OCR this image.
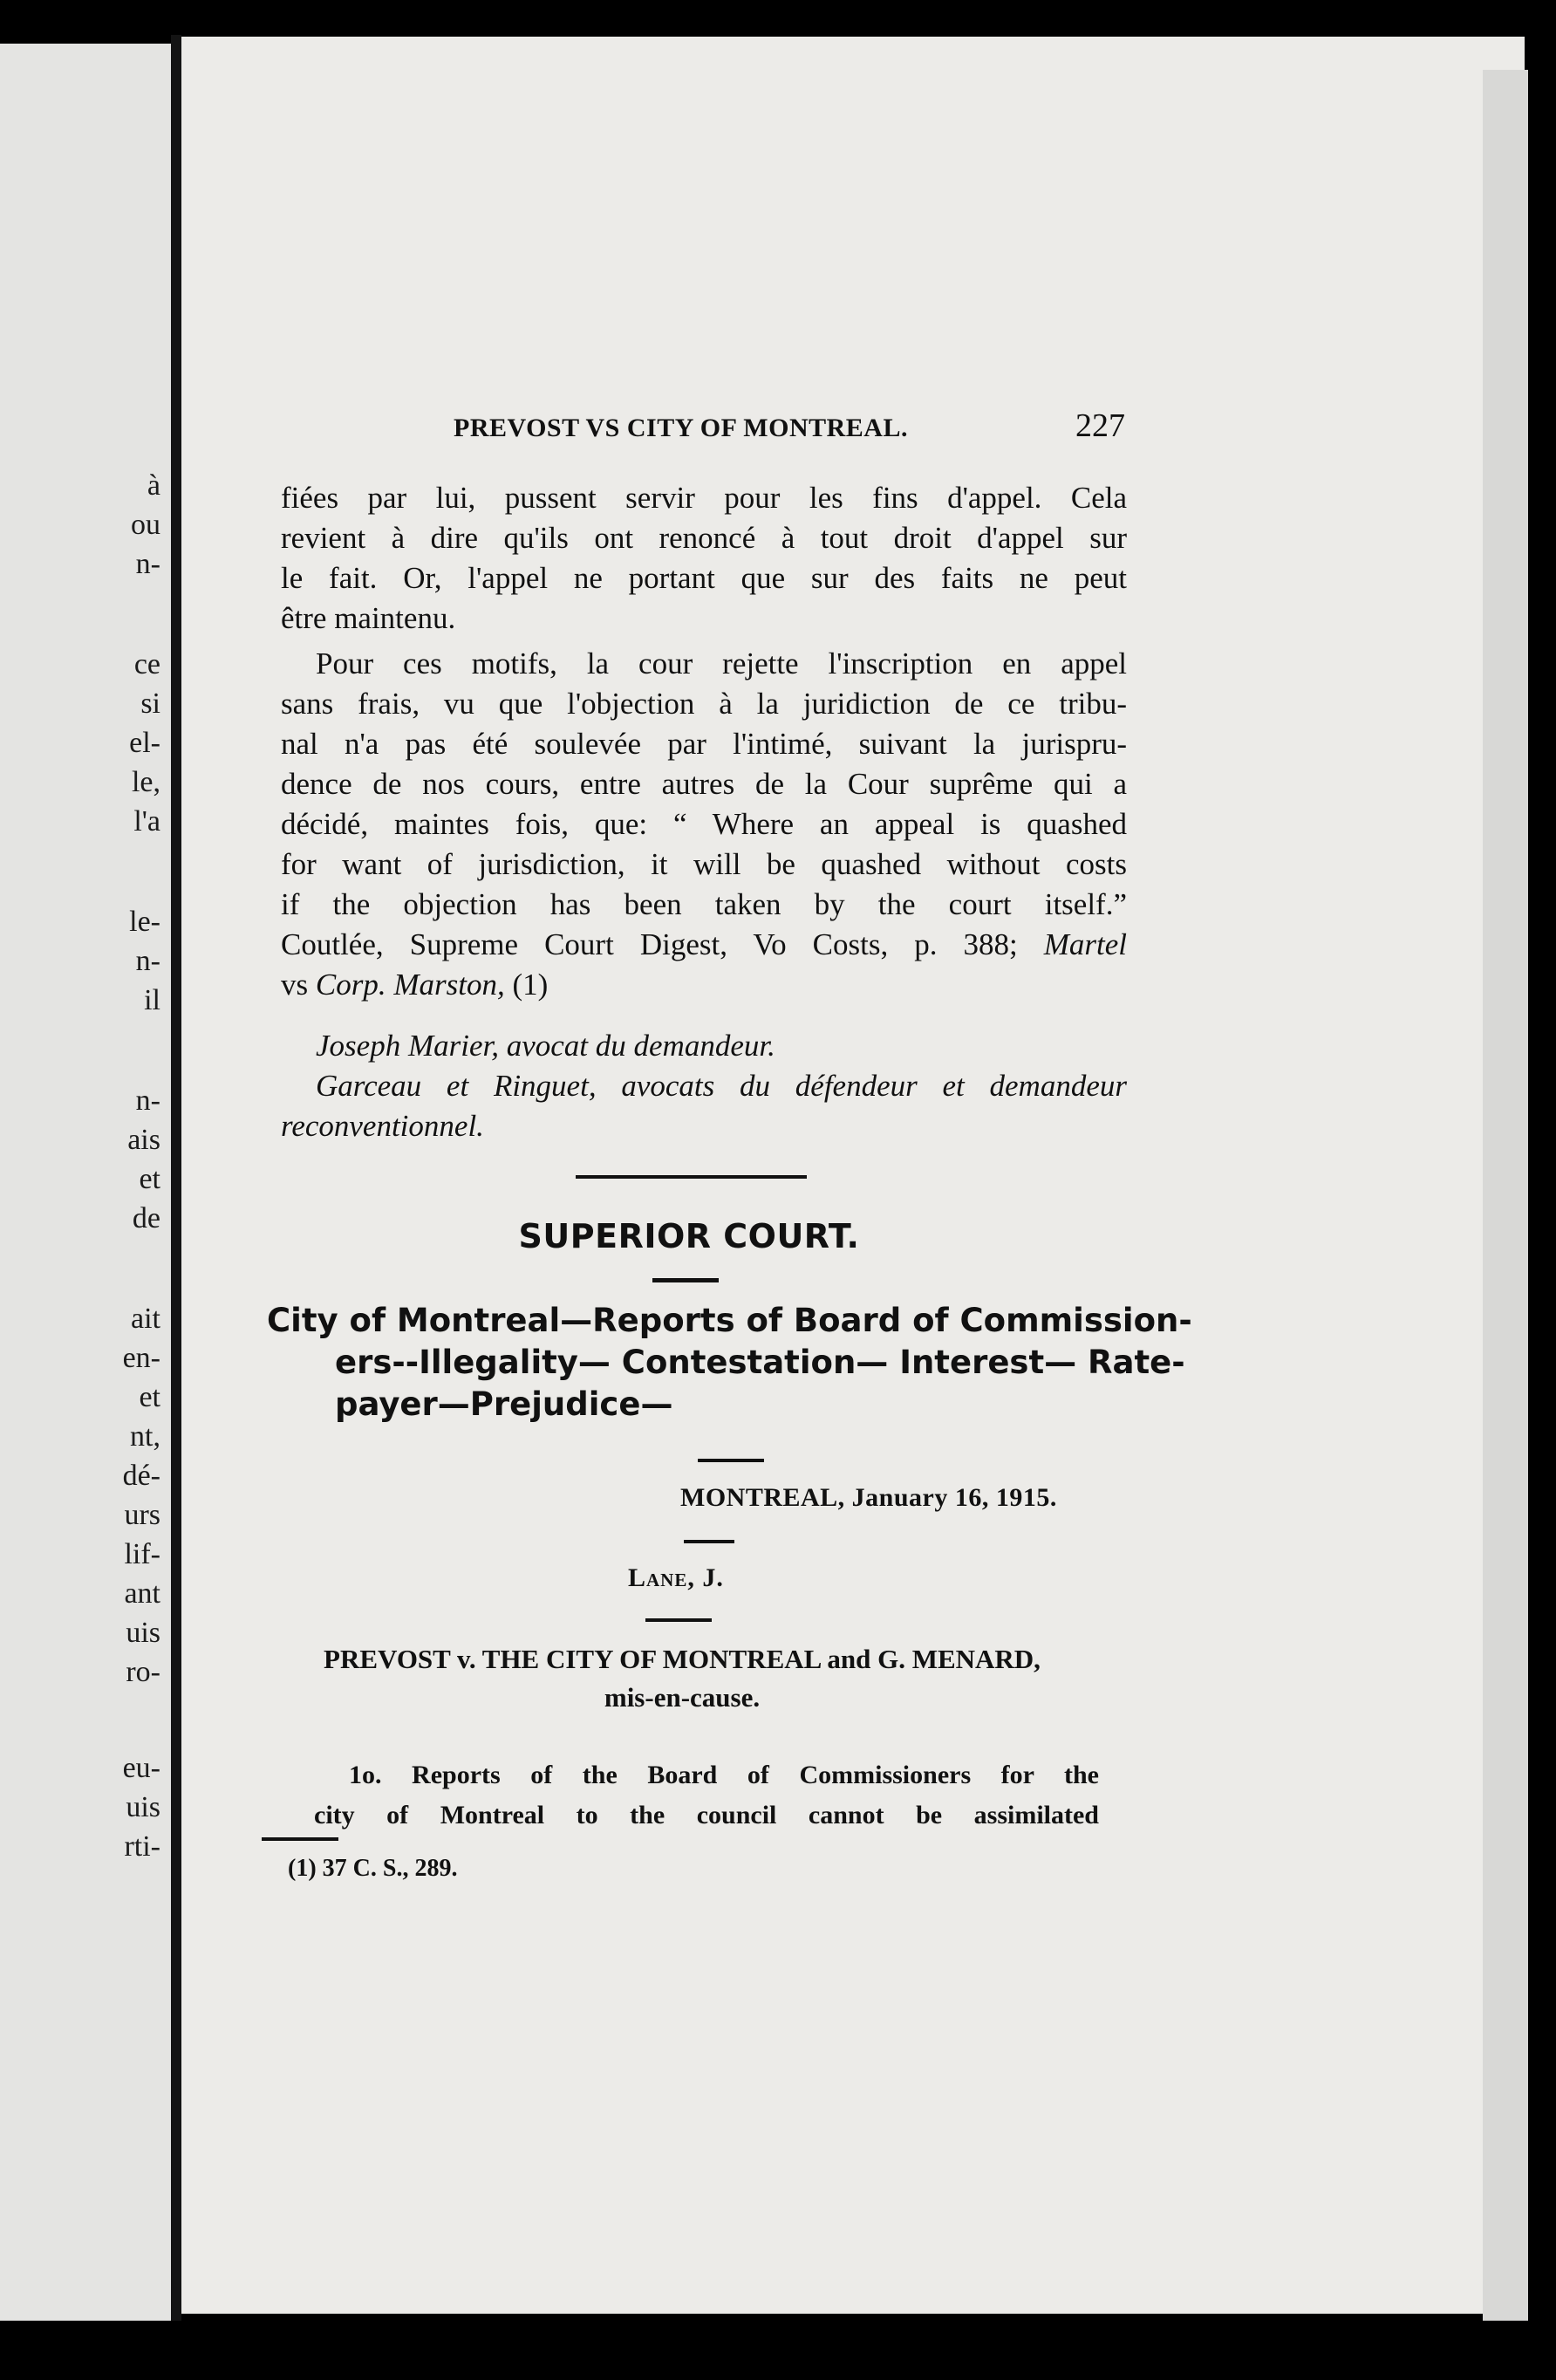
à
ou
n-
ce
si
el-
le,
l'a
le-
n-
il
n-
ais
et
de
ait
en-
et
nt,
dé-
urs
lif-
ant
uis
ro-
eu-
uis
rti-
PREVOST VS CITY OF MONTREAL.	227
fiées par lui, pussent servir pour les fins d'appel. Cela
revient à dire qu'ils ont renoncé à tout droit d'appel sur
le fait. Or, l'appel ne portant que sur des faits ne peut
être maintenu.
Pour ces motifs, la cour rejette l'inscription en appel
sans frais, vu que l'objection à la juridiction de ce tribu-
nal n'a pas été soulevée par l'intimé, suivant la jurispru-
dence de nos cours, entre autres de la Cour suprême qui a
décidé, maintes fois, que: “ Where an appeal is quashed
for want of jurisdiction, it will be quashed without costs
if the objection has been taken by the court itself.”
Coutlée, Supreme Court Digest, Vo Costs, p. 388; Martel
vs Corp. Marston, (1)
Joseph Marier, avocat du demandeur.
Garceau et Ringuet, avocats du défendeur et demandeur
reconventionnel.
SUPERIOR COURT.
City of Montreal—Reports of Board of Commission-
ers--Illegality— Contestation— Interest— Rate-
payer—Prejudice—
MONTREAL, January 16, 1915.
Lane, J.
PREVOST v. THE CITY OF MONTREAL and G. MENARD,
mis-en-cause.
1o. Reports of the Board of Commissioners for the
city of Montreal to the council cannot be assimilated
(1) 37 C. S., 289.
